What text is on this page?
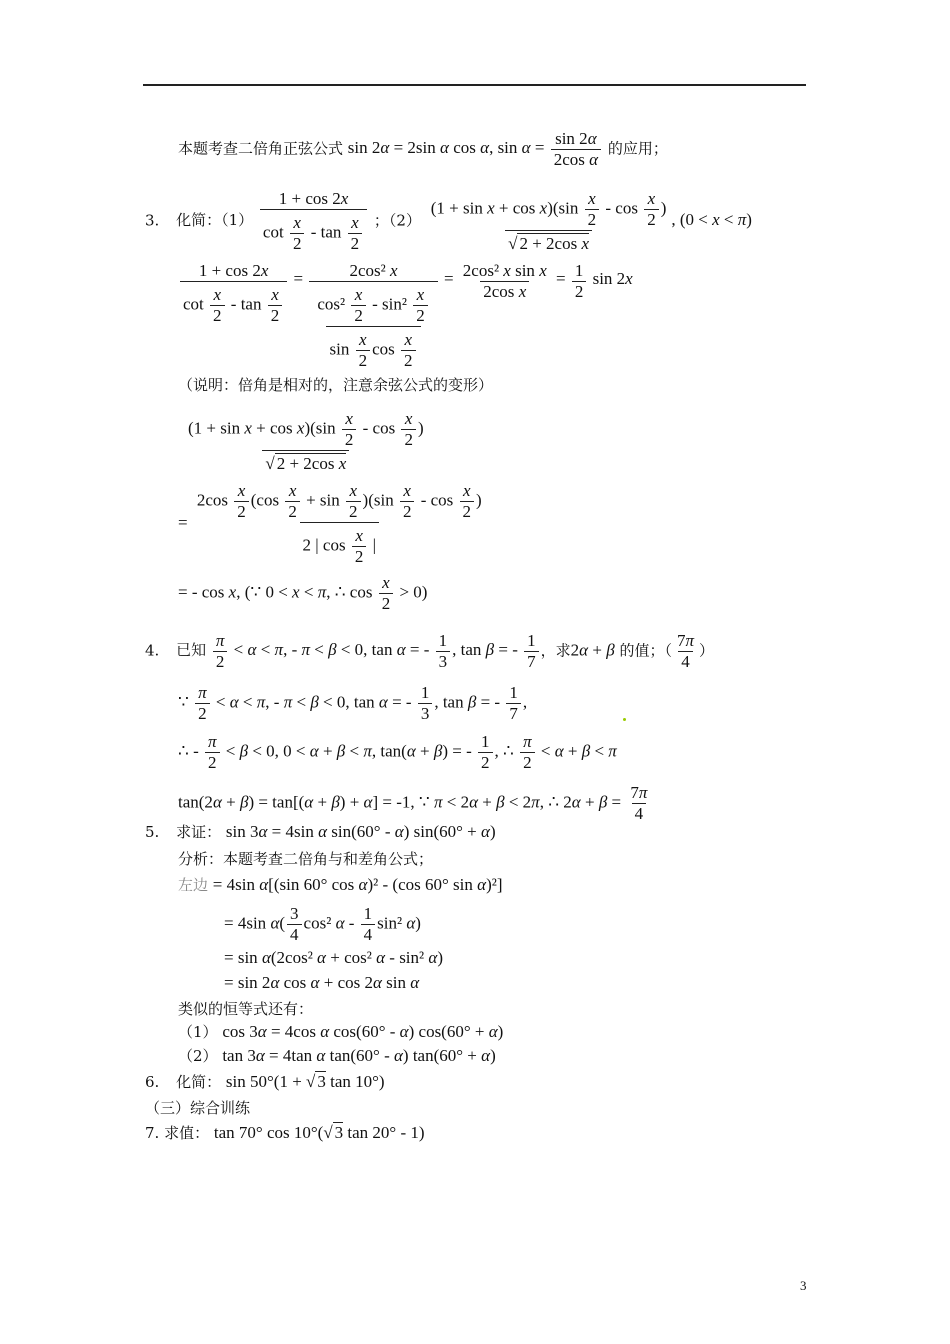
本题考查二倍角正弦公式 sin 2α = 2sin α cos α, $\sin \alpha = \frac{\sin 2\alpha}{\text{2cos α}}$ 的应用；
3. 化简：$(1) \frac{1 + \cos 2x}{\cot \frac{x}{2} - \tan \frac{x}{2}}$ ；$(2) \frac{(1 + \sin x + \cos x)(\sin \frac{x}{2} - \cos \frac{x}{2} )}{\text{√ 2 + 2cos x}}$ , (0 < x < π)
$\frac{1 + \cos 2x}{\cot \frac{x}{2} - \tan \frac{x}{2}} = \frac{\text{2cos² x}}{\frac{\cos^2 \frac{x}{2} - \sin^2 \frac{x}{2}}{\sin \frac{x}{2} \cos \frac{x}{2}}} = \frac{\text{2cos² x sin x}}{\text{2cos x}} = \frac{1}{2}$ sin 2x
（说明：倍角是相对的，注意余弦公式的变形）
$\frac{(1 + \sin x + \cos x)(\sin \frac{x}{2} - \cos \frac{x}{2} )}{\text{√ 2 + 2cos x}}$
= $\frac{2\cos \frac{x}{2} (\cos \frac{x}{2} + \sin \frac{x}{2} )(\sin \frac{x}{2} - \cos \frac{x}{2} )}{2 | \cos \frac{x}{2} |}$
= - cos x, (∵ 0 < x < π, ∴ $\cos \frac{x}{2} > 0$)
4. 已知 $\frac{\pi}{2} < \alpha < \pi$, - π < β < 0, tan α = - $\frac{1}{3}$ , tan β = - $\frac{1}{7}$ ，求2α + β 的值；（ $\frac{7\pi}{4}$ ）
∵ $\frac{\pi}{2} < \alpha < \pi$, - π < β < 0, tan α = - $\frac{1}{3}$ , tan β = - $\frac{1}{7}$ ,
∴ - $\frac{\pi}{2} < \beta < 0$, 0 < α + β < π, tan(α + β) = - $\frac{1}{2}$ , ∴ $\frac{\pi}{2} < \alpha + \beta < \pi$
tan(2α + β) = tan[(α + β) + α] = -1, ∵ π < 2α + β < 2π, ∴ $2\alpha + \beta = \frac{7\pi}{4}$
5. 求证： sin 3α = 4sin α sin(60° - α) sin(60° + α)
分析：本题考查二倍角与和差角公式；
左边 = 4sin α[(sin 60° cos α)² - (cos 60° sin α)²]
= 4sin $\alpha( \frac{3}{4} \cos^2$ α - $\frac{1}{4} \sin^2$ α)
= sin α(2cos² α + cos² α - sin² α)
= sin 2α cos α + cos 2α sin α
类似的恒等式还有：
（1） cos 3α = 4cos α cos(60° - α) cos(60° + α)
（2） tan 3α = 4tan α tan(60° - α) tan(60° + α)
6. 化简： sin 50°(1 + √ 3 tan 10°)
（三）综合训练
7. 求值： tan 70° cos 10°(√ 3 tan 20° - 1)
3
